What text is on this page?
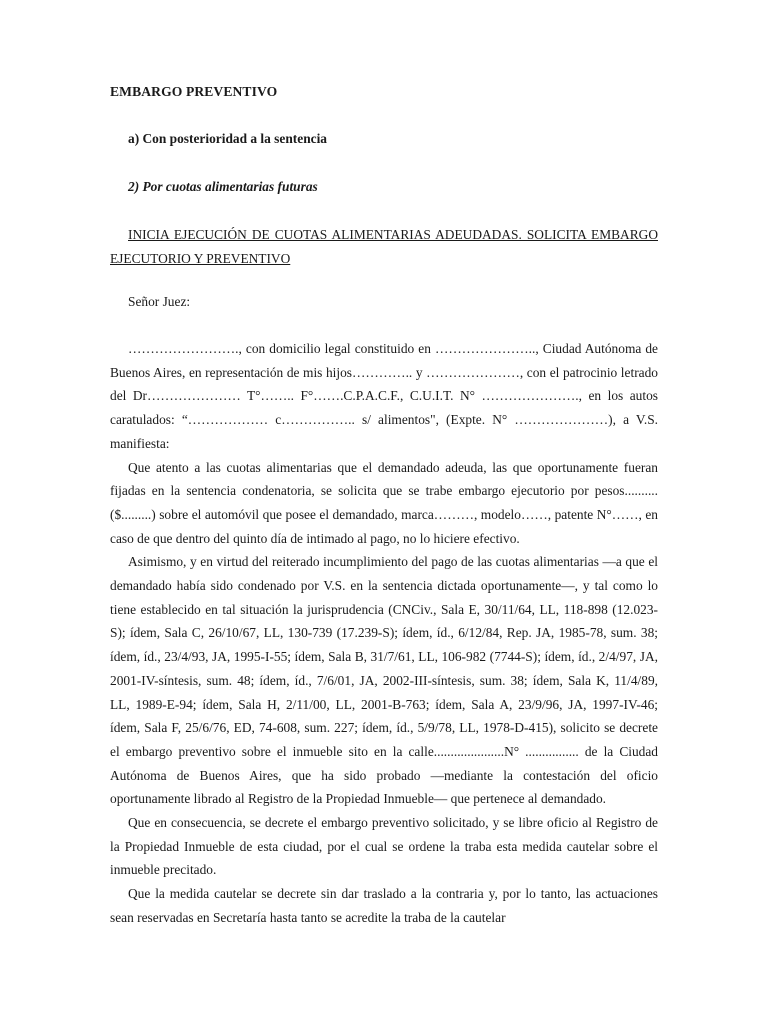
EMBARGO PREVENTIVO

a) Con posterioridad a la sentencia

2) Por cuotas alimentarias futuras

INICIA EJECUCIÓN DE CUOTAS ALIMENTARIAS ADEUDADAS. SOLICITA EMBARGO EJECUTORIO Y PREVENTIVO

Señor Juez:

……………………., con domicilio legal constituido en ………………….., Ciudad Autónoma de Buenos Aires, en representación de mis hijos………….. y …………………, con el patrocinio letrado del Dr………………… T°…….. F°…….C.P.A.C.F., C.U.I.T. N° …………………., en los autos caratulados: “……………… c…………….. s/ alimentos", (Expte. N° …………………), a V.S. manifiesta:

Que atento a las cuotas alimentarias que el demandado adeuda, las que oportunamente fueran fijadas en la sentencia condenatoria, se solicita que se trabe embargo ejecutorio por pesos.......... ($.........) sobre el automóvil que posee el demandado, marca………, modelo……, patente N°……, en caso de que dentro del quinto día de intimado al pago, no lo hiciere efectivo.

Asimismo, y en virtud del reiterado incumplimiento del pago de las cuotas alimentarias —a que el demandado había sido condenado por V.S. en la sentencia dictada oportunamente—, y tal como lo tiene establecido en tal situación la jurisprudencia (CNCiv., Sala E, 30/11/64, LL, 118-898 (12.023-S); ídem, Sala C, 26/10/67, LL, 130-739 (17.239-S); ídem, íd., 6/12/84, Rep. JA, 1985-78, sum. 38; ídem, íd., 23/4/93, JA, 1995-I-55; ídem, Sala B, 31/7/61, LL, 106-982 (7744-S); ídem, íd., 2/4/97, JA, 2001-IV-síntesis, sum. 48; ídem, íd., 7/6/01, JA, 2002-III-síntesis, sum. 38; ídem, Sala K, 11/4/89, LL, 1989-E-94; ídem, Sala H, 2/11/00, LL, 2001-B-763; ídem, Sala A, 23/9/96, JA, 1997-IV-46; ídem, Sala F, 25/6/76, ED, 74-608, sum. 227; ídem, íd., 5/9/78, LL, 1978-D-415), solicito se decrete el embargo preventivo sobre el inmueble sito en la calle.....................N° ................ de la Ciudad Autónoma de Buenos Aires, que ha sido probado —mediante la contestación del oficio oportunamente librado al Registro de la Propiedad Inmueble— que pertenece al demandado.

Que en consecuencia, se decrete el embargo preventivo solicitado, y se libre oficio al Registro de la Propiedad Inmueble de esta ciudad, por el cual se ordene la traba esta medida cautelar sobre el inmueble precitado.

Que la medida cautelar se decrete sin dar traslado a la contraria y, por lo tanto, las actuaciones sean reservadas en Secretaría hasta tanto se acredite la traba de la cautelar
